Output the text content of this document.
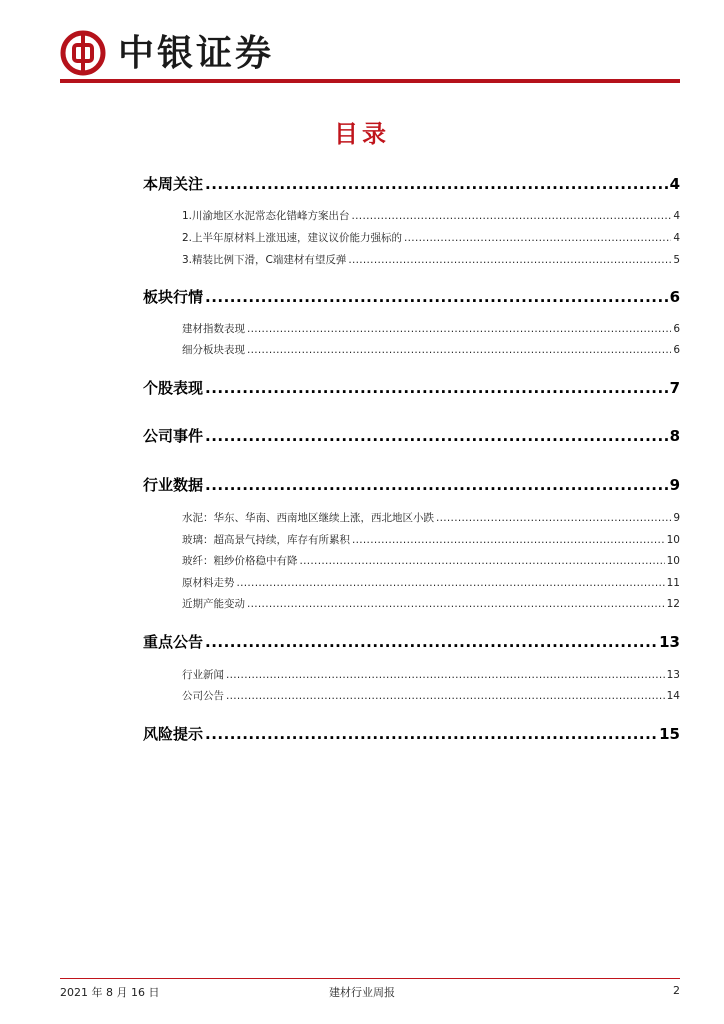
中银证券
目录
本周关注 .....	4
1.川渝地区水泥常态化错峰方案出台 .....	4
2.上半年原材料上涨迅速，建议议价能力强标的 .....	4
3.精装比例下滑，C端建材有望反弹 .....	5
板块行情 .....	6
建材指数表现 .....	6
细分板块表现 .....	6
个股表现 .....	7
公司事件 .....	8
行业数据 .....	9
水泥：华东、华南、西南地区继续上涨，西北地区小跌 .....	9
玻璃：超高景气持续，库存有所累积 .....	10
玻纤：粗纱价格稳中有降 .....	10
原材料走势 .....	11
近期产能变动 .....	12
重点公告 .....	13
行业新闻 .....	13
公司公告 .....	14
风险提示 .....	15
2021 年 8 月 16 日	建材行业周报	2
